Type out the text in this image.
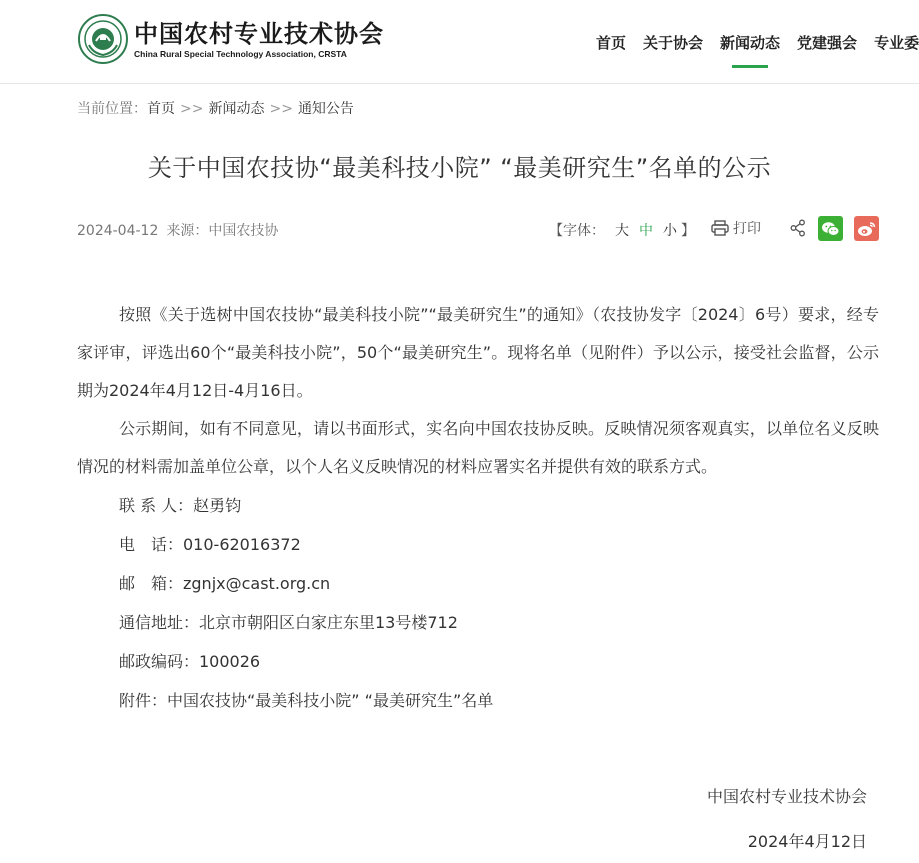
中国农村专业技术协会
China Rural Special Technology Association, CRSTA
首页 关于协会 新闻动态 党建强会 专业委
当前位置：首页 >> 新闻动态 >> 通知公告
关于中国农技协“最美科技小院” “最美研究生”名单的公示
2024-04-12 来源：中国农技协	【字体： 大 中 小 】	打印

按照《关于选树中国农技协“最美科技小院”“最美研究生”的通知》（农技协发字〔2024〕6号）要求，经专家评审，评选出60个“最美科技小院”，50个“最美研究生”。现将名单（见附件）予以公示，接受社会监督，公示期为2024年4月12日-4月16日。

公示期间，如有不同意见，请以书面形式，实名向中国农技协反映。反映情况须客观真实，以单位名义反映情况的材料需加盖单位公章，以个人名义反映情况的材料应署实名并提供有效的联系方式。

联 系 人：赵勇钧
电　话：010-62016372
邮　箱：zgnjx@cast.org.cn
通信地址：北京市朝阳区白家庄东里13号楼712
邮政编码：100026
附件：中国农技协“最美科技小院” “最美研究生”名单
中国农村专业技术协会
2024年4月12日
